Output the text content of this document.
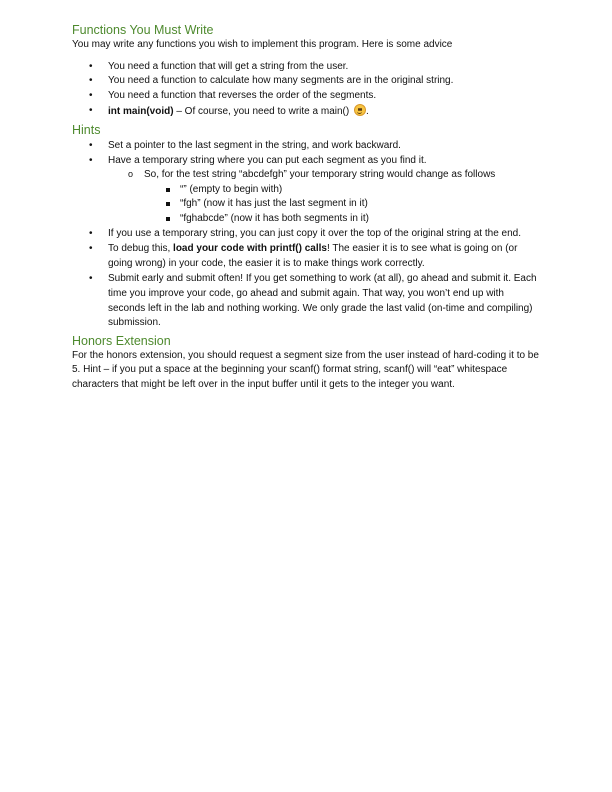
Functions You Must Write

You may write any functions you wish to implement this program. Here is some advice

• You need a function that will get a string from the user.
• You need a function to calculate how many segments are in the original string.
• You need a function that reverses the order of the segments.
• int main(void) – Of course, you need to write a main()
.
Hints
• Set a pointer to the last segment in the string, and work backward.
• Have a temporary string where you can put each segment as you find it.
o So, for the test string “abcdefgh” your temporary string would change as follows
“” (empty to begin with)
“fgh” (now it has just the last segment in it)
“fghabcde” (now it has both segments in it)
• If you use a temporary string, you can just copy it over the top of the original string at the end.
• To debug this, load your code with printf() calls! The easier it is to see what is going on (or going wrong) in your code, the easier it is to make things work correctly.
• Submit early and submit often! If you get something to work (at all), go ahead and submit it. Each time you improve your code, go ahead and submit again. That way, you won’t end up with seconds left in the lab and nothing working. We only grade the last valid (on-time and compiling) submission.
Honors Extension

For the honors extension, you should request a segment size from the user instead of hard-coding it to be 5. Hint – if you put a space at the beginning your scanf() format string, scanf() will “eat” whitespace characters that might be left over in the input buffer until it gets to the integer you want.
